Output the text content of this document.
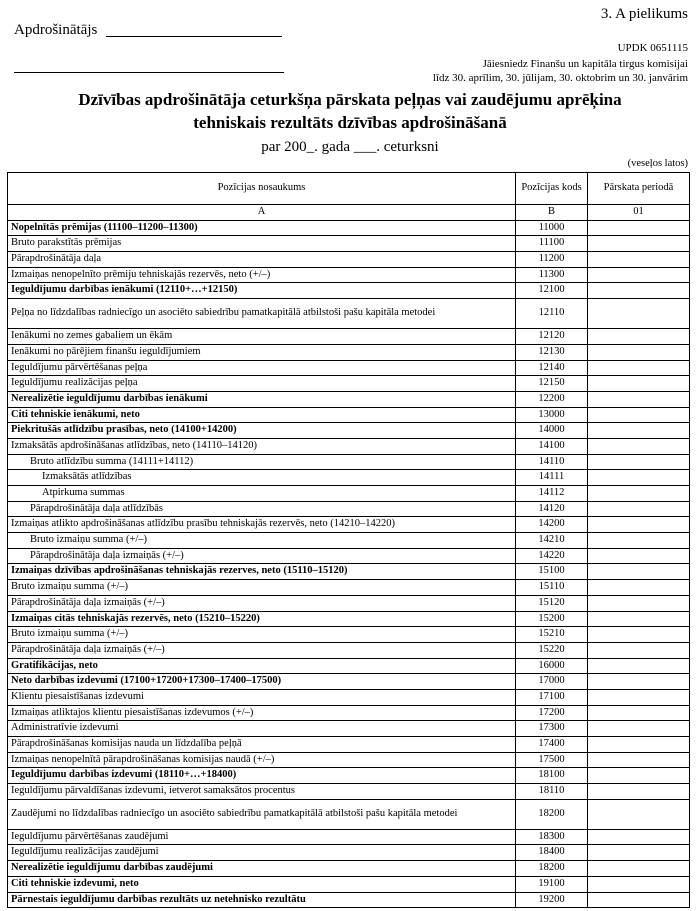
Apdrošinātājs
3. A pielikums
UPDK 0651115
Jāiesniedz Finanšu un kapitāla tirgus komisijai
līdz 30. aprīlim, 30. jūlijam, 30. oktobrim un 30. janvārim
Dzīvības apdrošinātāja ceturkšņa pārskata peļņas vai zaudējumu aprēķina
tehniskais rezultāts dzīvības apdrošināšanā
par 200_. gada ___. ceturksni
(veseļos latos)
Pozīcijas nosaukums	Pozīcijas kods	Pārskata periodā
A	B	01
Nopelnītās prēmijas (11100–11200–11300)	11000	
Bruto parakstītās prēmijas	11100	
Pārapdrošinātāja daļa	11200	
Izmaiņas nenopelnīto prēmiju tehniskajās rezervēs, neto (+/–)	11300	
Ieguldījumu darbības ienākumi (12110+…+12150)	12100	
Peļņa no līdzdalības radniecīgo un asociēto sabiedrību pamatkapitālā atbilstoši pašu kapitāla metodei	12110	
Ienākumi no zemes gabaliem un ēkām	12120	
Ienākumi no pārējiem finanšu ieguldījumiem	12130	
Ieguldījumu pārvērtēšanas peļņa	12140	
Ieguldījumu realizācijas peļņa	12150	
Nerealizētie ieguldījumu darbības ienākumi	12200	
Citi tehniskie ienākumi, neto	13000	
Piekritušās atlīdzību prasības, neto (14100+14200)	14000	
Izmaksātās apdrošināšanas atlīdzības, neto (14110–14120)	14100	
Bruto atlīdzību summa (14111+14112)	14110	
Izmaksātās atlīdzības	14111	
Atpirkuma summas	14112	
Pārapdrošinātāja daļa atlīdzībās	14120	
Izmaiņas atlikto apdrošināšanas atlīdzību prasību tehniskajās rezervēs, neto (14210–14220)	14200	
Bruto izmaiņu summa (+/–)	14210	
Pārapdrošinātāja daļa izmaiņās (+/–)	14220	
Izmaiņas dzīvības apdrošināšanas tehniskajās rezerves, neto (15110–15120)	15100	
Bruto izmaiņu summa (+/–)	15110	
Pārapdrošinātāja daļa izmaiņās (+/–)	15120	
Izmaiņas citās tehniskajās rezervēs, neto (15210–15220)	15200	
Bruto izmaiņu summa (+/–)	15210	
Pārapdrošinātāja daļa izmaiņās (+/–)	15220	
Gratifikācijas, neto	16000	
Neto darbības izdevumi (17100+17200+17300–17400–17500)	17000	
Klientu piesaistīšanas izdevumi	17100	
Izmaiņas atliktajos klientu piesaistīšanas izdevumos (+/–)	17200	
Administratīvie izdevumi	17300	
Pārapdrošināšanas komisijas nauda un līdzdalība peļņā	17400	
Izmaiņas nenopelnītā pārapdrošināšanas komisijas naudā (+/–)	17500	
Ieguldījumu darbības izdevumi (18110+…+18400)	18100	
Ieguldījumu pārvaldīšanas izdevumi, ietverot samaksātos procentus	18110	
Zaudējumi no līdzdalības radniecīgo un asociēto sabiedrību pamatkapitālā atbilstoši pašu kapitāla metodei	18200	
Ieguldījumu pārvērtēšanas zaudējumi	18300	
Ieguldījumu realizācijas zaudējumi	18400	
Nerealizētie ieguldījumu darbības zaudējumi	18200	
Citi tehniskie izdevumi, neto	19100	
Pārnestais ieguldījumu darbības rezultāts uz netehnisko rezultātu	19200	
